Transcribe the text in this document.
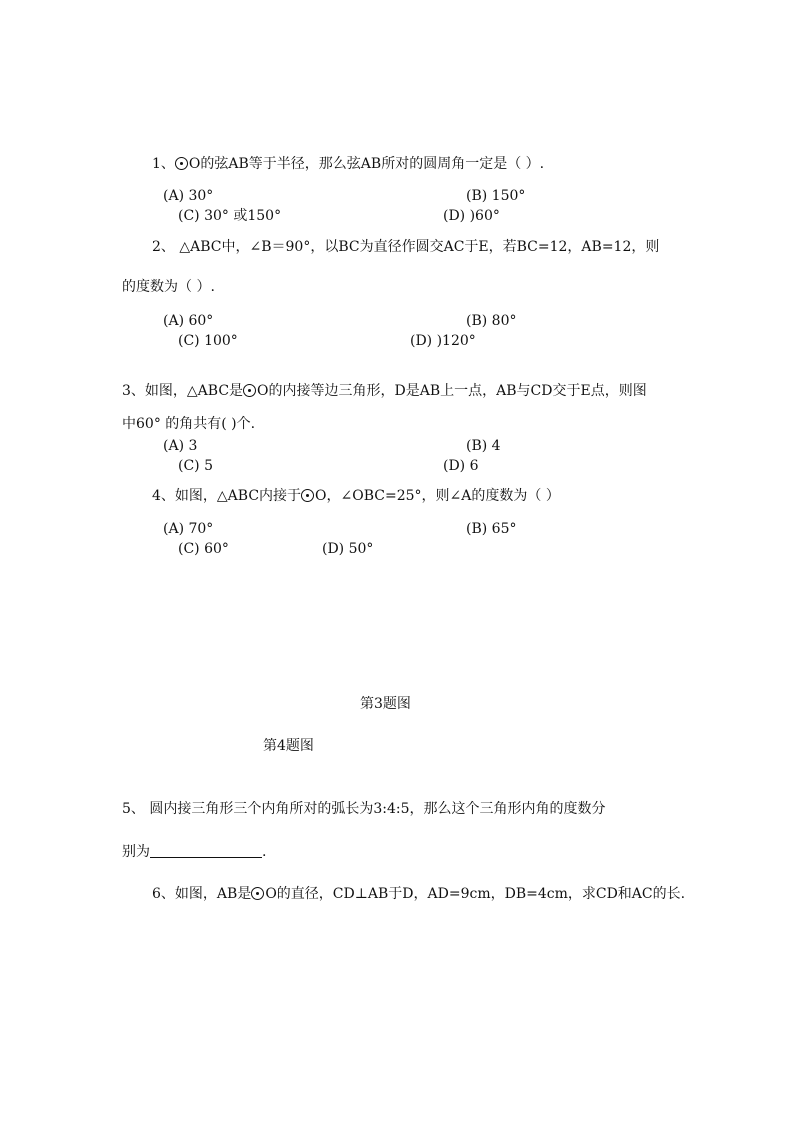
1、 O的弦AB等于半径，那么弦AB所对的圆周角一定是（ ）.
(A) 30°	(B) 150°
(C) 30° 或150°	(D) )60°
2、 △ABC中，∠B＝90°，以BC为直径作圆交AC于E，若BC=12，AB=12，则
的度数为（ ）.
(A) 60°	(B) 80°
(C) 100°	(D) )120°
3、如图，△ABC是 O的内接等边三角形，D是AB上一点，AB与CD交于E点，则图
中60° 的角共有( )个.
(A) 3	(B) 4
(C) 5	(D) 6
4、如图，△ABC内接于 O，∠OBC=25°，则∠A的度数为（ ）
(A) 70°	(B) 65°
(C) 60°	(D) 50°
第3题图
第4题图
5、 圆内接三角形三个内角所对的弧长为3:4:5，那么这个三角形内角的度数分
别为	.
6、如图，AB是 O的直径，CD⊥AB于D，AD=9cm，DB=4cm，求CD和AC的长.
